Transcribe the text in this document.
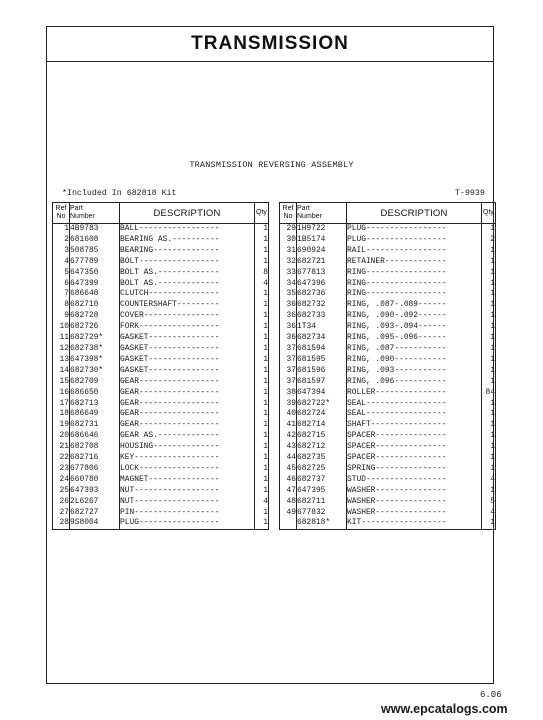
TRANSMISSION
TRANSMISSION REVERSING ASSEMBLY
*Included In 682818 Kit	T-9939
Ref
No	Part
Number	DESCRIPTION	Qty
1	4B9783	BALL-----------------	1
2	681608	BEARING AS.----------	1
3	508785	BEARING--------------	1
4	677789	BOLT-----------------	1
5	647350	BOLT AS.-------------	8
6	647399	BOLT AS.-------------	4
7	686648	CLUTCH---------------	1
8	682710	COUNTERSHAFT---------	1
9	682728	COVER----------------	1
10	682726	FORK-----------------	1
11	682729*	GASKET---------------	1
12	682738*	GASKET---------------	1
13	647398*	GASKET---------------	1
14	682730*	GASKET---------------	1
15	682709	GEAR-----------------	1
16	686650	GEAR-----------------	1
17	682713	GEAR-----------------	1
18	686649	GEAR-----------------	1
19	682731	GEAR-----------------	1
20	686646	GEAR AS.-------------	1
21	682708	HOUSING--------------	1
22	682716	KEY------------------	1
23	677806	LOCK-----------------	1
24	660780	MAGNET---------------	1
25	647393	NUT------------------	1
26	2L6267	NUT------------------	4
27	682727	PIN------------------	1
28	9S8004	PLUG-----------------	1
Ref
No	Part
Number	DESCRIPTION	Qty
29	1H9722	PLUG-----------------	1
30	1B5174	PLUG-----------------	2
31	690924	RAIL-----------------	1
32	682721	RETAINER-------------	1
33	677813	RING-----------------	1
34	647396	RING-----------------	1
35	682736	RING-----------------	1
36	682732	RING, .087-.089------	1
36	682733	RING, .090-.092------	1
36	1T34	RING, .093-.094------	1
36	682734	RING, .095-.096------	1
37	681594	RING, .087-----------	1
37	681595	RING, .090-----------	1
37	681596	RING, .093-----------	1
37	681597	RING, .096-----------	1
38	647394	ROLLER---------------	84
39	682722*	SEAL-----------------	1
40	682724	SEAL-----------------	1
41	682714	SHAFT----------------	1
42	682715	SPACER---------------	1
43	682712	SPACER---------------	1
44	682735	SPACER---------------	1
45	682725	SPRING---------------	1
46	682737	STUD-----------------	4
47	647395	WASHER---------------	1
48	682711	WASHER---------------	5
49	677832	WASHER---------------	4
	682818*	KIT------------------	1
6.06
www.epcatalogs.com
